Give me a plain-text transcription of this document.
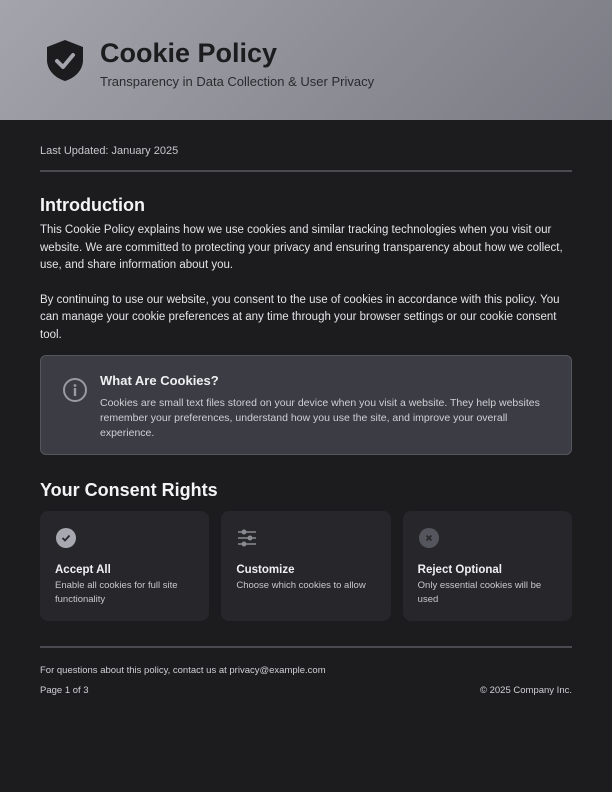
Cookie Policy
Transparency in Data Collection & User Privacy
Last Updated: January 2025
Introduction

This Cookie Policy explains how we use cookies and similar tracking technologies when you visit our website. We are committed to protecting your privacy and ensuring transparency about how we collect, use, and share information about you.

By continuing to use our website, you consent to the use of cookies in accordance with this policy. You can manage your cookie preferences at any time through your browser settings or our cookie consent tool.

What Are Cookies?
Cookies are small text files stored on your device when you visit a website. They help websites remember your preferences, understand how you use the site, and improve your overall experience.
Your Consent Rights
Accept All
Enable all cookies for full site functionality
Customize
Choose which cookies to allow
Reject Optional
Only essential cookies will be used
For questions about this policy, contact us at privacy@example.com
Page 1 of 3	© 2025 Company Inc.
